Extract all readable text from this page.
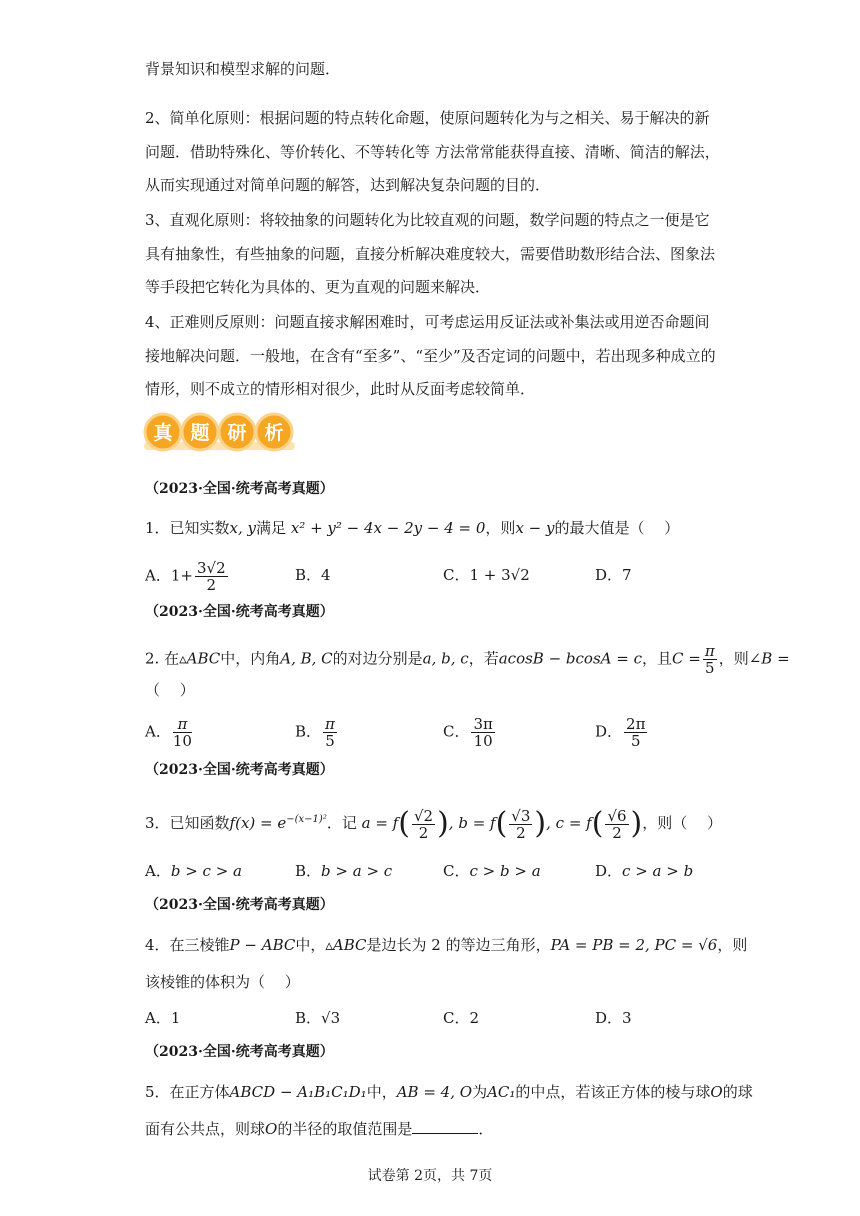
背景知识和模型求解的问题．
2、简单化原则：根据问题的特点转化命题，使原问题转化为与之相关、易于解决的新
问题．借助特殊化、等价转化、不等转化等 方法常常能获得直接、清晰、简洁的解法，
从而实现通过对简单问题的解答，达到解决复杂问题的目的．
3、直观化原则：将较抽象的问题转化为比较直观的问题，数学问题的特点之一便是它
具有抽象性，有些抽象的问题，直接分析解决难度较大，需要借助数形结合法、图象法
等手段把它转化为具体的、更为直观的问题来解决．
4、正难则反原则：问题直接求解困难时，可考虑运用反证法或补集法或用逆否命题间
接地解决问题．一般地，在含有“至多”、“至少”及否定词的问题中，若出现多种成立的
情形，则不成立的情形相对很少，此时从反面考虑较简单．
真 题 研 析
（2023·全国·统考高考真题）
1．已知实数x, y满足 x² + y² − 4x − 2y − 4 = 0，则x − y的最大值是（　 ）
A．$1+ \frac{3√2}{2}$	B．4	C．1 + 3√2	D．7
（2023·全国·统考高考真题）
2. 在▵ABC中，内角A, B, C的对边分别是a, b, c，若acosB − bcosA = c，且$C = \frac{\pi}{5}$ ，则∠B =
（　 ）
A． $\frac{\pi}{10}$	B． $\frac{\pi}{5}$	C． $\frac{3\pi}{10}$	D． $\frac{2\pi}{5}$
（2023·全国·统考高考真题）
3．已知函数$f(x) = e^{-(x-1)^2}$．记 $a = f( \frac{√2}{2}$ ), $b = f( \frac{√3}{2}$ ), $c = f( \frac{√6}{2}$ )，则（　 ）
A．b > c > a	B．b > a > c	C．c > b > a	D．c > a > b
（2023·全国·统考高考真题）
4．在三棱锥P − ABC中，▵ABC是边长为 2 的等边三角形，PA = PB = 2, PC = √6，则
该棱锥的体积为（　 ）
A．1	B．√3	C．2	D．3
（2023·全国·统考高考真题）
5．在正方体ABCD − A₁B₁C₁D₁中，AB = 4, O为AC₁的中点，若该正方体的棱与球O的球
面有公共点，则球O的半径的取值范围是	．
试卷第 2页，共 7页
